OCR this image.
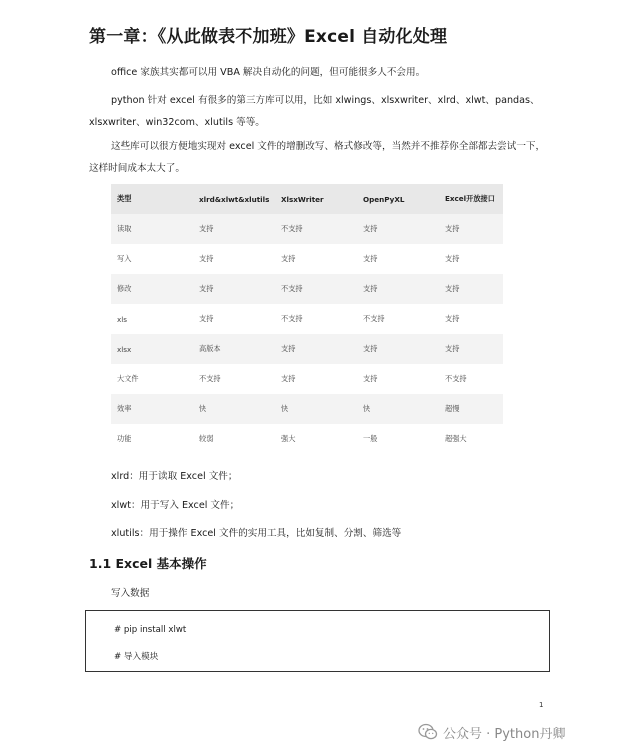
第一章：《从此做表不加班》Excel 自动化处理

office 家族其实都可以用 VBA 解决自动化的问题，但可能很多人不会用。

python 针对 excel 有很多的第三方库可以用，比如 xlwings、xlsxwriter、xlrd、xlwt、pandas、xlsxwriter、win32com、xlutils 等等。

这些库可以很方便地实现对 excel 文件的增删改写、格式修改等，当然并不推荐你全部都去尝试一下，这样时间成本太大了。

类型	xlrd&xlwt&xlutils	XlsxWriter	OpenPyXL	Excel开放接口
读取	支持	不支持	支持	支持
写入	支持	支持	支持	支持
修改	支持	不支持	支持	支持
xls	支持	不支持	不支持	支持
xlsx	高版本	支持	支持	支持
大文件	不支持	支持	支持	不支持
效率	快	快	快	超慢
功能	较弱	强大	一般	超强大
xlrd：用于读取 Excel 文件；
xlwt：用于写入 Excel 文件；
xlutils：用于操作 Excel 文件的实用工具，比如复制、分割、筛选等
1.1 Excel 基本操作
写入数据
# pip install xlwt
# 导入模块
1
公众号 · Python丹卿
